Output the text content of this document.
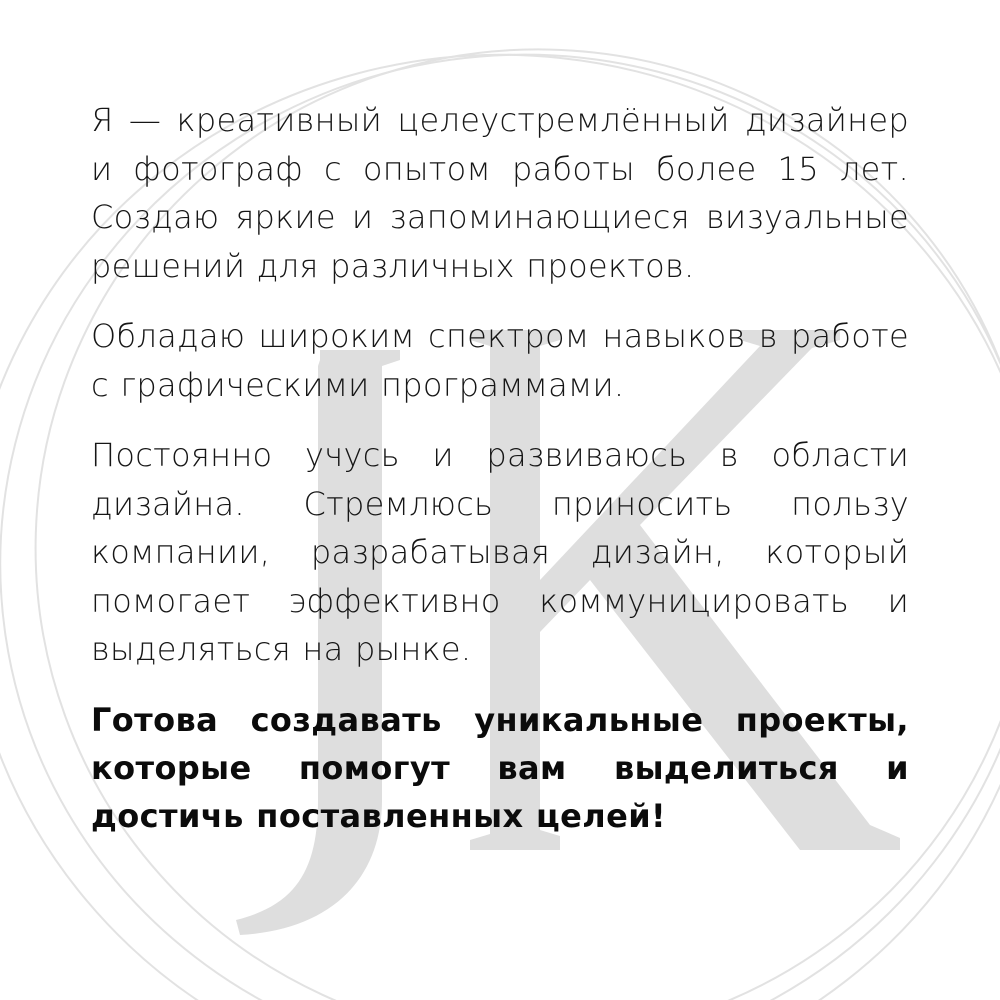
Я — креативный целеустремлённый дизайнер и фотограф с опытом работы более 15 лет. Создаю яркие и запоминающиеся визуальные решений для различных проектов.

Обладаю широким спектром навыков в работе с графическими программами.

Постоянно учусь и развиваюсь в области дизайна. Стремлюсь приносить пользу компании, разрабатывая дизайн, который помогает эффективно коммуницировать и выделяться на рынке.

Готова создавать уникальные проекты, которые помогут вам выделиться и достичь поставленных целей!
